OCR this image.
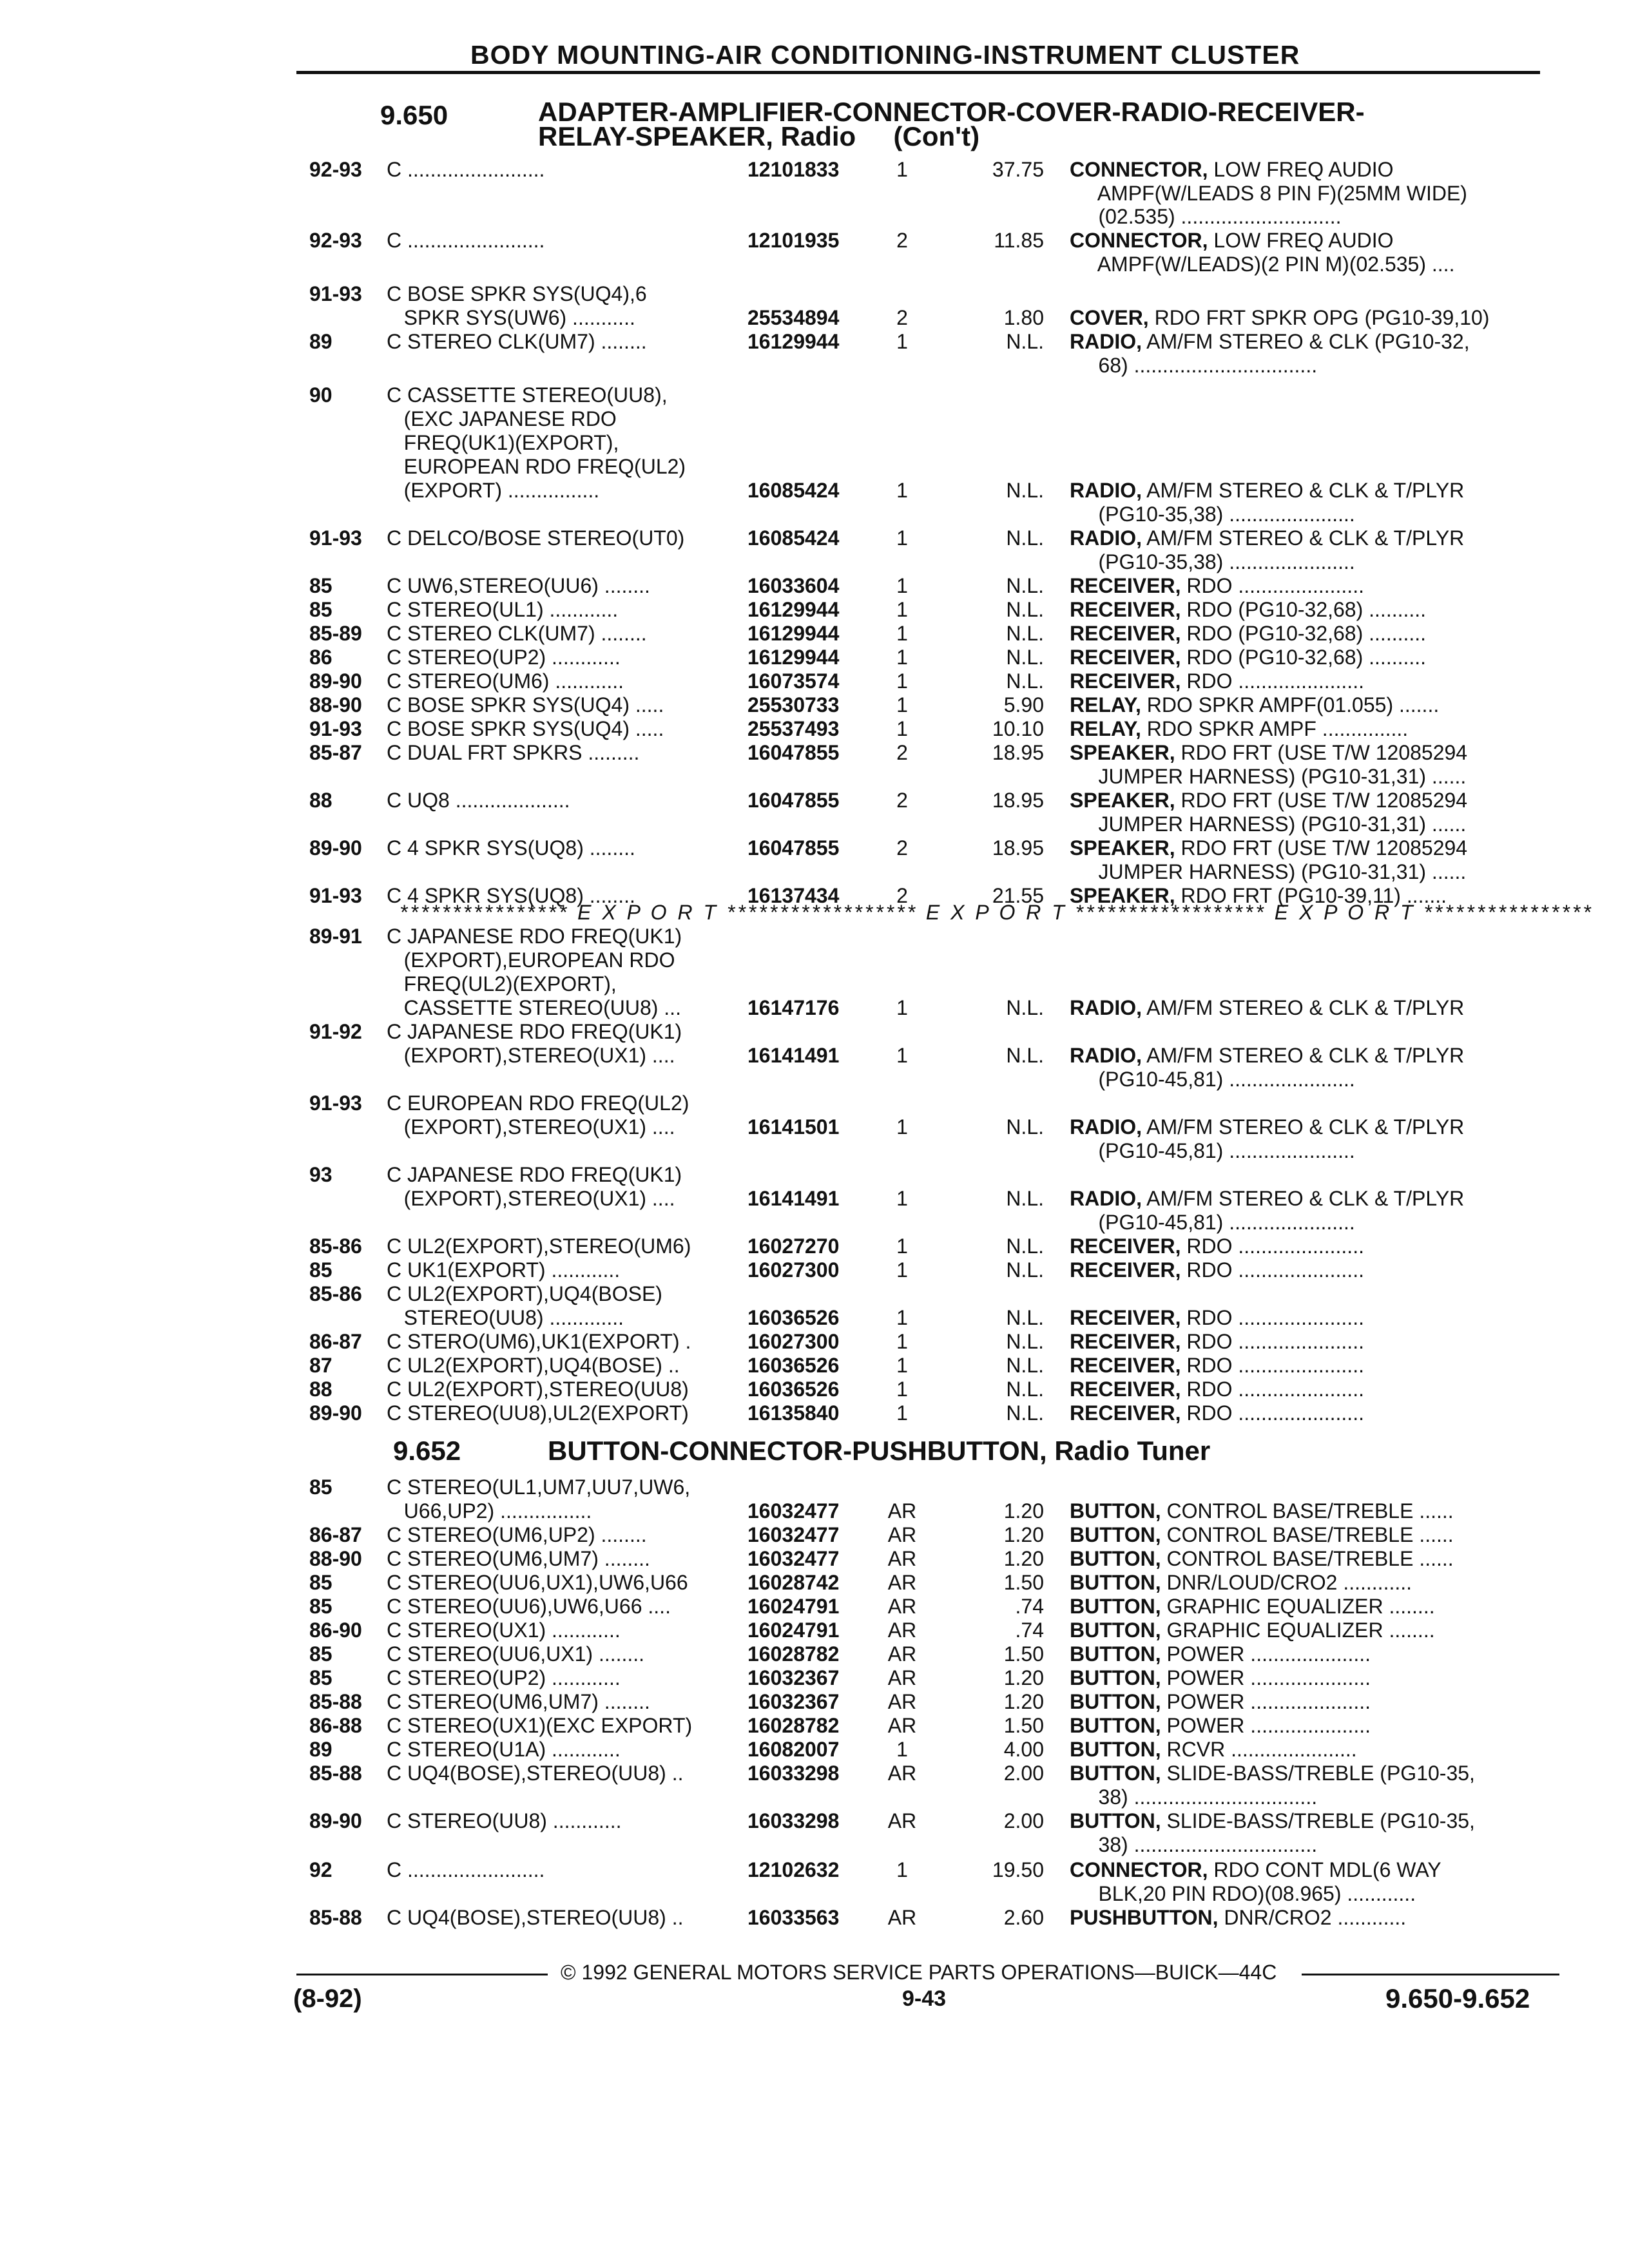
BODY MOUNTING-AIR CONDITIONING-INSTRUMENT CLUSTER
9.650	ADAPTER-AMPLIFIER-CONNECTOR-COVER-RADIO-RECEIVER-
RELAY-SPEAKER, Radio     (Con't)
**************** E X P O R T ****************** E X P O R T ****************** E X P O R T ****************
9.652	BUTTON-CONNECTOR-PUSHBUTTON, Radio Tuner
92-93 C ........................	12101833	1	37.75 CONNECTOR, LOW FREQ AUDIO
AMPF(W/LEADS 8 PIN F)(25MM WIDE)
(02.535) ............................
92-93 C ........................	12101935	2	11.85 CONNECTOR, LOW FREQ AUDIO
AMPF(W/LEADS)(2 PIN M)(02.535) ....
91-93 C BOSE SPKR SYS(UQ4),6
SPKR SYS(UW6) ...........	25534894	2	1.80 COVER, RDO FRT SPKR OPG (PG10-39,10)
89	C STEREO CLK(UM7) ........	16129944	1	N.L. RADIO, AM/FM STEREO & CLK (PG10-32,
68) ................................
90	C CASSETTE STEREO(UU8),
(EXC JAPANESE RDO
FREQ(UK1)(EXPORT),
EUROPEAN RDO FREQ(UL2)
(EXPORT) ................	16085424	1	N.L. RADIO, AM/FM STEREO & CLK & T/PLYR
(PG10-35,38) ......................
91-93 C DELCO/BOSE STEREO(UT0)	16085424	1	N.L. RADIO, AM/FM STEREO & CLK & T/PLYR
(PG10-35,38) ......................
85	C UW6,STEREO(UU6) ........	16033604	1	N.L. RECEIVER, RDO ......................
85	C STEREO(UL1) ............	16129944	1	N.L. RECEIVER, RDO (PG10-32,68) ..........
85-89 C STEREO CLK(UM7) ........	16129944	1	N.L. RECEIVER, RDO (PG10-32,68) ..........
86	C STEREO(UP2) ............	16129944	1	N.L. RECEIVER, RDO (PG10-32,68) ..........
89-90 C STEREO(UM6) ............	16073574	1	N.L. RECEIVER, RDO ......................
88-90 C BOSE SPKR SYS(UQ4) .....	25530733	1	5.90 RELAY, RDO SPKR AMPF(01.055) .......
91-93 C BOSE SPKR SYS(UQ4) .....	25537493	1	10.10 RELAY, RDO SPKR AMPF ...............
85-87 C DUAL FRT SPKRS .........	16047855	2	18.95 SPEAKER, RDO FRT (USE T/W 12085294
JUMPER HARNESS) (PG10-31,31) ......
88	C UQ8 ....................	16047855	2	18.95 SPEAKER, RDO FRT (USE T/W 12085294
JUMPER HARNESS) (PG10-31,31) ......
89-90 C 4 SPKR SYS(UQ8) ........	16047855	2	18.95 SPEAKER, RDO FRT (USE T/W 12085294
JUMPER HARNESS) (PG10-31,31) ......
91-93 C 4 SPKR SYS(UQ8) ........	16137434	2	21.55 SPEAKER, RDO FRT (PG10-39,11) .......
89-91 C JAPANESE RDO FREQ(UK1)
(EXPORT),EUROPEAN RDO
FREQ(UL2)(EXPORT),
CASSETTE STEREO(UU8) ...	16147176	1	N.L. RADIO, AM/FM STEREO & CLK & T/PLYR
91-92 C JAPANESE RDO FREQ(UK1)
(EXPORT),STEREO(UX1) ....	16141491	1	N.L. RADIO, AM/FM STEREO & CLK & T/PLYR
(PG10-45,81) ......................
91-93 C EUROPEAN RDO FREQ(UL2)
(EXPORT),STEREO(UX1) ....	16141501	1	N.L. RADIO, AM/FM STEREO & CLK & T/PLYR
(PG10-45,81) ......................
93	C JAPANESE RDO FREQ(UK1)
(EXPORT),STEREO(UX1) ....	16141491	1	N.L. RADIO, AM/FM STEREO & CLK & T/PLYR
(PG10-45,81) ......................
85-86 C UL2(EXPORT),STEREO(UM6)	16027270	1	N.L. RECEIVER, RDO ......................
85	C UK1(EXPORT) ............	16027300	1	N.L. RECEIVER, RDO ......................
85-86 C UL2(EXPORT),UQ4(BOSE)
STEREO(UU8) .............	16036526	1	N.L. RECEIVER, RDO ......................
86-87 C STERO(UM6),UK1(EXPORT) .	16027300	1	N.L. RECEIVER, RDO ......................
87	C UL2(EXPORT),UQ4(BOSE) ..	16036526	1	N.L. RECEIVER, RDO ......................
88	C UL2(EXPORT),STEREO(UU8)	16036526	1	N.L. RECEIVER, RDO ......................
89-90 C STEREO(UU8),UL2(EXPORT)	16135840	1	N.L. RECEIVER, RDO ......................
85	C STEREO(UL1,UM7,UU7,UW6,
U66,UP2) ................	16032477	AR	1.20 BUTTON, CONTROL BASE/TREBLE ......
86-87 C STEREO(UM6,UP2) ........	16032477	AR	1.20 BUTTON, CONTROL BASE/TREBLE ......
88-90 C STEREO(UM6,UM7) ........	16032477	AR	1.20 BUTTON, CONTROL BASE/TREBLE ......
85	C STEREO(UU6,UX1),UW6,U66	16028742	AR	1.50 BUTTON, DNR/LOUD/CRO2 ............
85	C STEREO(UU6),UW6,U66 ....	16024791	AR	.74 BUTTON, GRAPHIC EQUALIZER ........
86-90 C STEREO(UX1) ............	16024791	AR	.74 BUTTON, GRAPHIC EQUALIZER ........
85	C STEREO(UU6,UX1) ........	16028782	AR	1.50 BUTTON, POWER .....................
85	C STEREO(UP2) ............	16032367	AR	1.20 BUTTON, POWER .....................
85-88 C STEREO(UM6,UM7) ........	16032367	AR	1.20 BUTTON, POWER .....................
86-88 C STEREO(UX1)(EXC EXPORT)	16028782	AR	1.50 BUTTON, POWER .....................
89	C STEREO(U1A) ............	16082007	1	4.00 BUTTON, RCVR ......................
85-88 C UQ4(BOSE),STEREO(UU8) ..	16033298	AR	2.00 BUTTON, SLIDE-BASS/TREBLE (PG10-35,
38) ................................
89-90 C STEREO(UU8) ............	16033298	AR	2.00 BUTTON, SLIDE-BASS/TREBLE (PG10-35,
38) ................................
92	C ........................	12102632	1	19.50 CONNECTOR, RDO CONT MDL(6 WAY
BLK,20 PIN RDO)(08.965) ............
85-88 C UQ4(BOSE),STEREO(UU8) ..	16033563	AR	2.60 PUSHBUTTON, DNR/CRO2 ............
© 1992 GENERAL MOTORS SERVICE PARTS OPERATIONS—BUICK—44C
(8-92)	9-43	9.650-9.652
